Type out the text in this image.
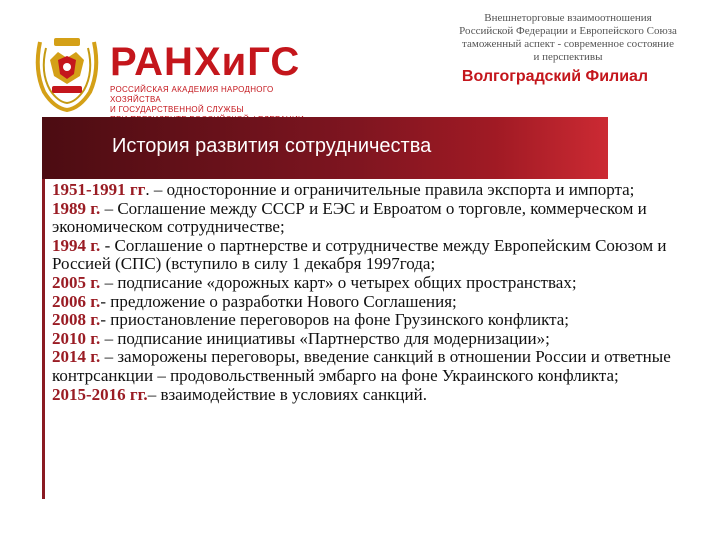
РАНХиГС
РОССИЙСКАЯ АКАДЕМИЯ НАРОДНОГО ХОЗЯЙСТВА
И ГОСУДАРСТВЕННОЙ СЛУЖБЫ
Внешнеторговые взаимоотношения
Российской Федерации и Европейского Союза
таможенный аспект - современное состояние
и перспективы
Волгоградский Филиал
История развития сотрудничества

1951-1991 гг. – односторонние и ограничительные правила экспорта и импорта;

1989 г. – Соглашение между СССР и ЕЭС и Евроатом о торговле, коммерческом и экономическом сотрудничестве;

1994 г. - Соглашение о партнерстве и сотрудничестве между Европейским Союзом и Россией (СПС) (вступило в силу 1 декабря 1997года;

2005 г. – подписание «дорожных карт» о четырех общих пространствах;

2006 г.- предложение о разработки Нового Соглашения;

2008 г.- приостановление переговоров на фоне Грузинского конфликта;

2010 г. – подписание инициативы «Партнерство для модернизации»;

2014 г. – заморожены переговоры, введение санкций в отношении России и ответные контрсанкции – продовольственный эмбарго на фоне Украинского конфликта;

2015-2016 гг.– взаимодействие в условиях санкций.
